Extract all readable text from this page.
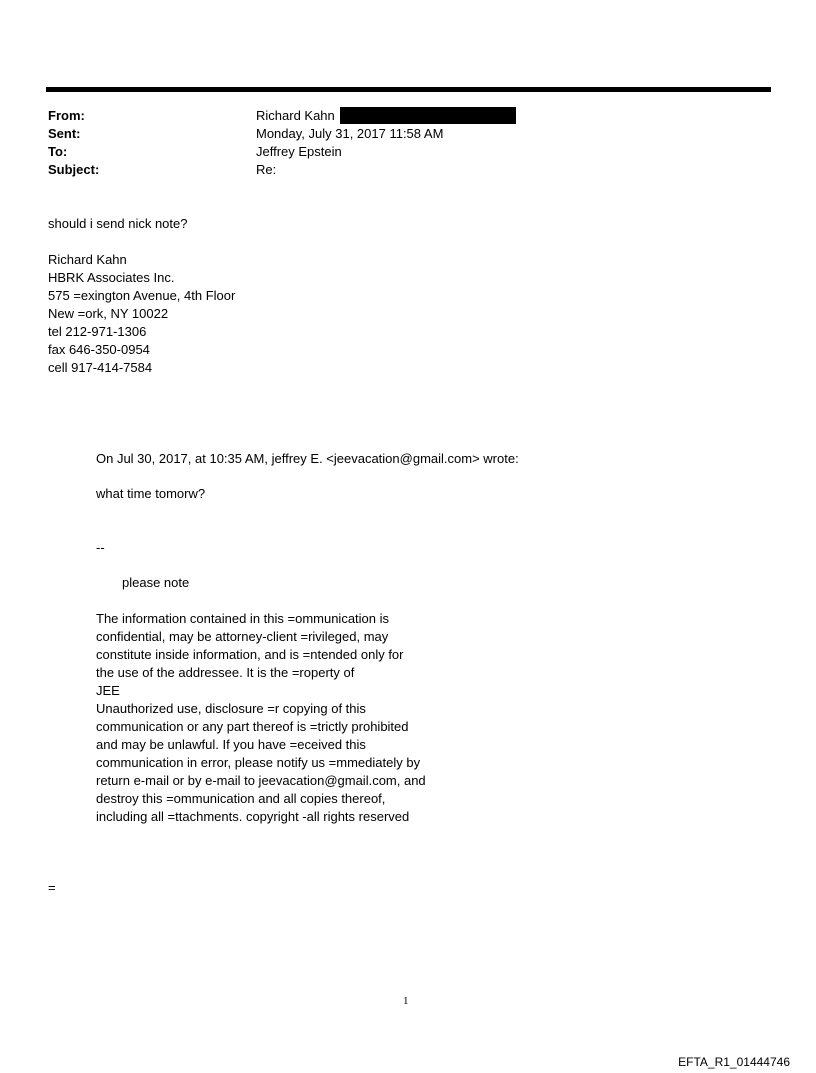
From:	Richard Kahn
Sent:	Monday, July 31, 2017 11:58 AM
To:	Jeffrey Epstein
Subject:	Re:
should i send nick note?
Richard Kahn
HBRK Associates Inc.
575 =exington Avenue, 4th Floor
New =ork, NY 10022
tel 212-971-1306
fax 646-350-0954
cell 917-414-7584
On Jul 30, 2017, at 10:35 AM, jeffrey E. <jeevacation@gmail.com> wrote:
what time tomorw?
--
please note
The information contained in this =ommunication is
confidential, may be attorney-client =rivileged, may
constitute inside information, and is =ntended only for
the use of the addressee. It is the =roperty of
JEE
Unauthorized use, disclosure =r copying of this
communication or any part thereof is =trictly prohibited
and may be unlawful. If you have =eceived this
communication in error, please notify us =mmediately by
return e-mail or by e-mail to jeevacation@gmail.com, and
destroy this =ommunication and all copies thereof,
including all =ttachments. copyright -all rights reserved
=
1
EFTA_R1_01444746
